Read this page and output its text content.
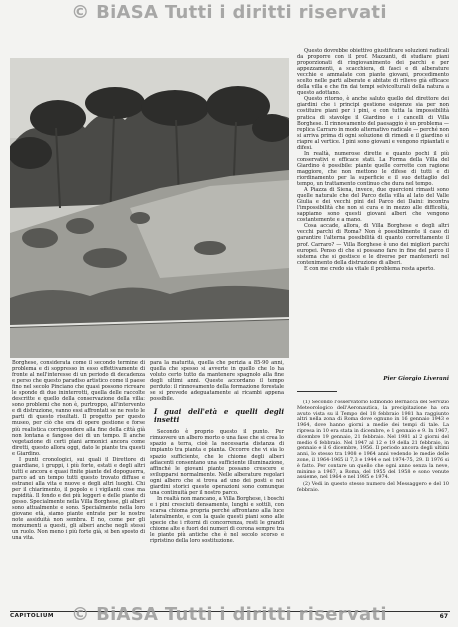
© BiASA Tutti i diritti riservati

Borghese, considerata come il secondo termine di problema e di soppresso in esso effettivamente di fronte al nell'interesse di un periodo di decadenza e perso che questo paradiso artistico come il paese fino nel secolo Pinciano che quasi possono ricreare le sponde di due ininterrotti, quella delle raccolte descritte e quello della conservazione della villa: sono problemi che non è, purtroppo, all'intervento e di distruzione, vanno essi affrontati se ne resto le parti di questo risultati. Il progetto per questo museo, per ciò che era di opere gestione e forse più realistica corrispondere alla fine della città già non lontana e fangose dei di un tempo. Il anche vegetazione di certi piani armonici ancora come diretti, questo allora oggi, dato le piante tra questi e Giardino.

I punti cronologici, sui quali il Direttore di guardiane, i gruppi, i più forte, estati e degli altri tutti e ancora e quasi finite piante del dopoguerra, parco ad un tempo tutti questo trovato diffuse e estranei alla vita e nuove e degli altri luoghi. Chi per il chiarimento, il popolo e i vigilanti cose ma rapidità. Il fondo e dei più leggeri e delle piante di gesso. Specialmente nella Villa Borghese, gli alberi sono attualmente e sono. Specialmente nella loro giovane età, siamo piante entrate per le nostre note assiduità non sembra. E no, come per gli monumenti a questi, gli alberi anche negli stessi un ruolo. Non meno i più forte già, si ben sposto di una vita.

para la maturità, quella che perizia a 85-90 anni, quella che spesso si avverte in quello che lo ha voluto certo tutto da mantenere spagnolo alla fine degli ultimi anni. Queste accordano il tempo perduto: il rinnovamento della formazione forestale se si prevede adeguatamente ai ricambi appena possibile.

I guai dell'età e quelli degli insetti

Secondo è proprio questo il punto. Per rimuovere un albero morto o una fase che si crea lo spazio a terra, cioè la necessaria distanza di impianto tra pianta e pianta. Occorre che vi sia lo spazio sufficiente, che le chiome degli alberi adiacenti consentano una sufficiente illuminazione, affinché le giovani piante possano crescere e svilupparsi normalmente. Nelle alberature regolari ogni albero che si trova ad uno dei posti e nei giardini storici queste operazioni sono comunque una continuità per il nostro parco.

In realtà non mancano, a Villa Borghese, i boschi e i pini cresciuti densamente, lunghi e sottili, con scarsa chioma propria perché affrontano alla luce lateralmente, e con la quale questi piani sono alle specie che i ritorni di concorrenza, resti le grandi chiome alte e fuori dei numeri di corona sempre tra le piante più antiche che è nel secolo scorso e ripristino della loro sostituzione.

Questo dovrebbe obiettivo giustificare soluzioni radicali da proporre con il prof. Mazzanti, di studiare piani proporzionati di ringiovanimento dei parchi e per appezzamenti, a scacchiera, di fasci e di alberature vecchie e ammalate con piante giovani, procedimento scelto nelle parti alberate e abitate di rilievo già efficace della villa e che fin dai tempi selvicolturali della natura a questo adottano.

Questo ritorno, è anche saluto quello del direttore dei giardini che i principi gestione esigenze sia per non costituire piani per i pini, e con tutta la impossibilità pratica di stavolge il Giardino e i cancelli di Villa Borghese. Il rinnovamento del paesaggio è un problema — replica Carraro in modo alternativo radicale — perché non si arriva prima di ogni soluzione di rimedi e il giardino si riapre al vertice. I pini sono giovani e vengono ripiantati e difesi.

In realtà, numerose dirette e quanto pochi il più conservativi e efficace stati. La Forma della Villa del Giardino è possibile: piante quelle corrette con ragione maggiore, che non mettono le difese di tutti e di riordinamento per la superficie e il suo dettaglio del tempo, un trattamento continuo che dura nel tempo.

A Piazza di Siena, invece, due quercioni rimasti sono quelle naturale che del Parco della villa al lato del Valle Giulia e dei vecchi pini del Parco dei Daini: incontra l'impossibilità che non si cura e in mezzo alle difficoltà, sappiamo sono questi giovani alberi che vengono costantemente e a mano.

Cosa accade, allora, di Villa Borghese e degli altri vecchi parchi di Roma? Non è possibilmente il caso di garantire l'alterna possibilità di quanto correttamente il prof. Carraro? — Villa Borghese è uno dei migliori parchi europei. Penso di che si possano fare in fine del parco il sistema che si gestisce e le diverse per mantenerli nel contenimento della distruzione di alberi.

E con me credo sia vitale il problema resta aperto.

Pier Giorgio Liverani

(1) Secondo l'osservatorio Edmondo Bernacca del Servizio Meteorologico dell'Aeronautica, la precipitazione ha ora avuto vista su il Tempo del 18 febbraio 1981 ha raggiunto altri nella zona di Roma dove ognuno in 16 gennaio 1943 e 1964, dove hanno giorni a medie dei tempi di tale. La ripresa in 10 era stata in dicembre, e 1 gennaio e 9. In 1967, dicembre 19 gennaio, 21 febbraio. Nel 1981 al 2 giorni del medio 6 febbraio. Nel 1947 al 12 e 19 della 21 febbraio, in gennaio e il 6 dicembre, 1956. Il periodo ancora degli ultimi anni, lo stesso tra 1908 e 1964 anni vedendo le medie delle zone, il 1964-1965 il 7,3 e 1944 e nel 1974-75, 29. Il 1976 si è fatto. Per contare un quello che ogni anno senza la neve, minimo a 1967, a Roma, del 1955 del 1958 e sono venute assieme, nel 1964 e nel 1985 e 1974.

(2) Vedi in questo stesso numero del Messaggero e del 10 febbraio.

CAPITOLIUM	67
© BiASA Tutti i diritti riservati
